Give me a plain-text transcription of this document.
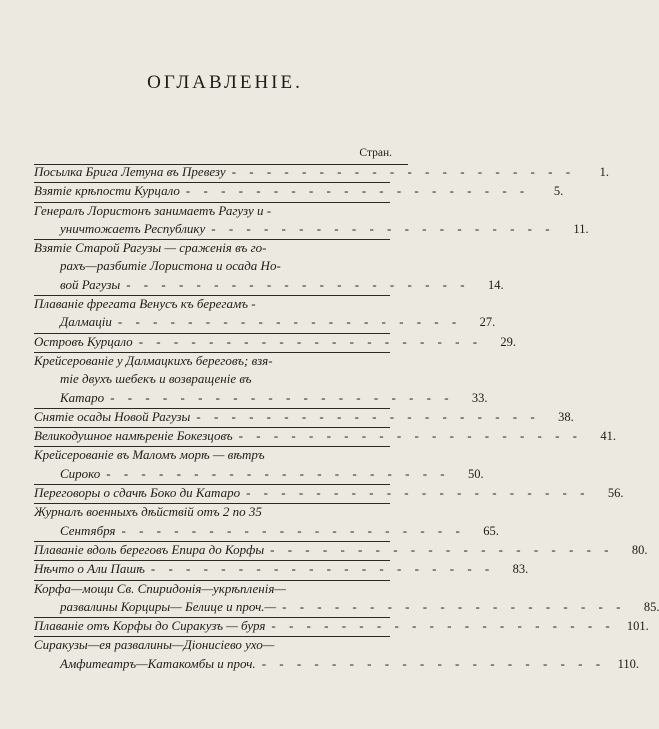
ОГЛАВЛЕНІЕ.
Стран.
Посылка Брига Летуна въ Превезу - - -	1.
Взятіе крѣпости Курцало - - -	5.
Генералъ Лористонъ занимаетъ Рагузу и -
уничтожаетъ Республику - - -	11.
Взятіе Старой Рагузы — сраженія въ го-
рахъ—разбитіе Лористона и осада Но-
вой Рагузы - - -	14.
Плаваніе фрегата Венусъ къ берегамъ -
Далмаціи - - -	27.
Островъ Курцало - - -	29.
Крейсерованіе у Далмацкихъ береговъ; взя-
тіе двухъ шебекъ и возвращеніе въ
Катаро - - -	33.
Снятіе осады Новой Рагузы - - -	38.
Великодушное намѣреніе Бокезцовъ - - -	41.
Крейсерованіе въ Маломъ морѣ — вѣтръ
Сироко - - -	50.
Переговоры о сдачѣ Боко ди Катаро - - -	56.
Журналъ военныхъ дѣйствій отъ 2 по 35
Сентября - - -	65.
Плаваніе вдоль береговъ Епира до Корфы - - -	80.
Нѣчто о Али Пашѣ - - -	83.
Корфа—мощи Св. Спиридонія—укрѣпленія—
развалины Корциры— Белице и проч.— - - -	85.
Плаваніе отъ Корфы до Сиракузъ — буря - - -	101.
Сиракузы—ея развалины—Діонисіево ухо—
Амфитеатръ—Катакомбы и проч. - - -	110.
